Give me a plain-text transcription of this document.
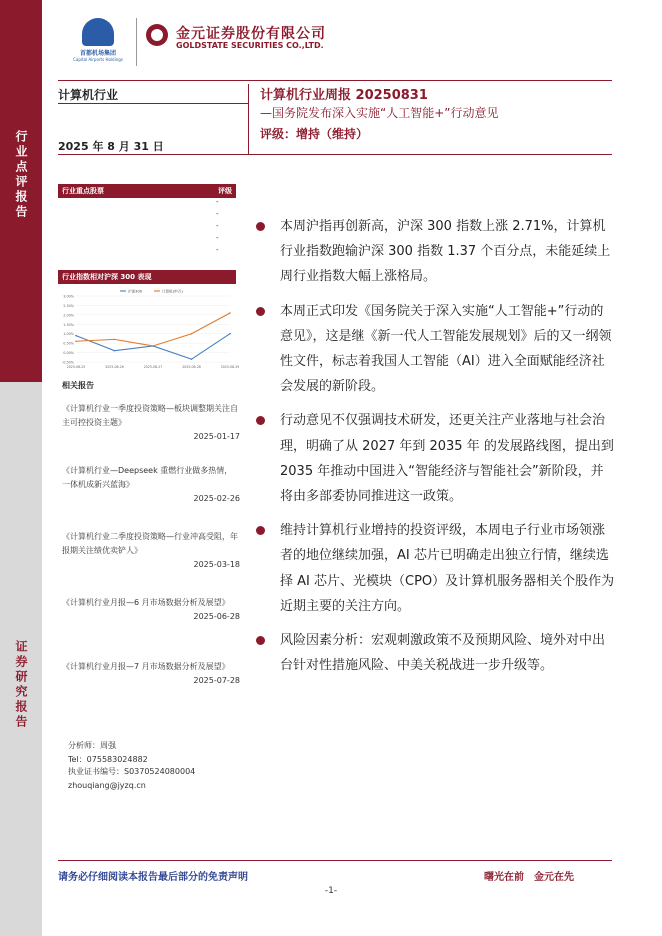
行业点评报告
证券研究报告
首都机场集团
Capital Airports Holdings
金元证券股份有限公司
GOLDSTATE SECURITIES CO.,LTD.
计算机行业
2025 年 8 月 31 日
计算机行业周报 20250831
—国务院发布深入实施“人工智能+”行动意见
评级：增持（维持）
行业重点股票	评级
-
-
-
-
-
行业指数相对沪深 300 表现
3.00%
2.50%
2.00%
1.50%
1.00%
0.50%
0.00%
-0.50%
2025-08-25	2025-08-26	2025-08-27	2025-08-28	2025-08-29
沪深300	计算机(申万)
相关报告
《计算机行业一季度投资策略—板块调整期关注自主可控投资主题》
2025-01-17
《计算机行业—Deepseek 重燃行业做多热情，一体机成新兴蓝海》
2025-02-26
《计算机行业二季度投资策略—行业冲高受阻，年报期关注绩优卖铲人》
2025-03-18
《计算机行业月报—6 月市场数据分析及展望》
2025-06-28
《计算机行业月报—7 月市场数据分析及展望》
2025-07-28
分析师：周强
Tel：07558302488​2
执业证书编号：S0370524080004
zhouqiang@jyzq.cn
本周沪指再创新高，沪深 300 指数上涨 2.71%，计算机行业指数跑输沪深 300 指数 1.37 个百分点，未能延续上周行业指数大幅上涨格局。
本周正式印发《国务院关于深入实施“人工智能+”行动的意见》，这是继《新一代人工智能发展规划》后的又一纲领性文件，标志着我国人工智能（AI）进入全面赋能经济社会发展的新阶段。
行动意见不仅强调技术研发，还更关注产业落地与社会治理，明确了从 2027 年到 2035 年 的发展路线图，提出到 2035 年推动中国进入“智能经济与智能社会”新阶段，并将由多部委协同推进这一政策。
维持计算机行业增持的投资评级，本周电子行业市场领涨者的地位继续加强，AI 芯片已明确走出独立行情，继续选择 AI 芯片、光模块（CPO）及计算机服务器相关个股作为近期主要的关注方向。
风险因素分析：宏观刺激政策不及预期风险、境外对中出台针对性措施风险、中美关税战进一步升级等。
请务必仔细阅读本报告最后部分的免责声明	曙光在前　金元在先
-1-
